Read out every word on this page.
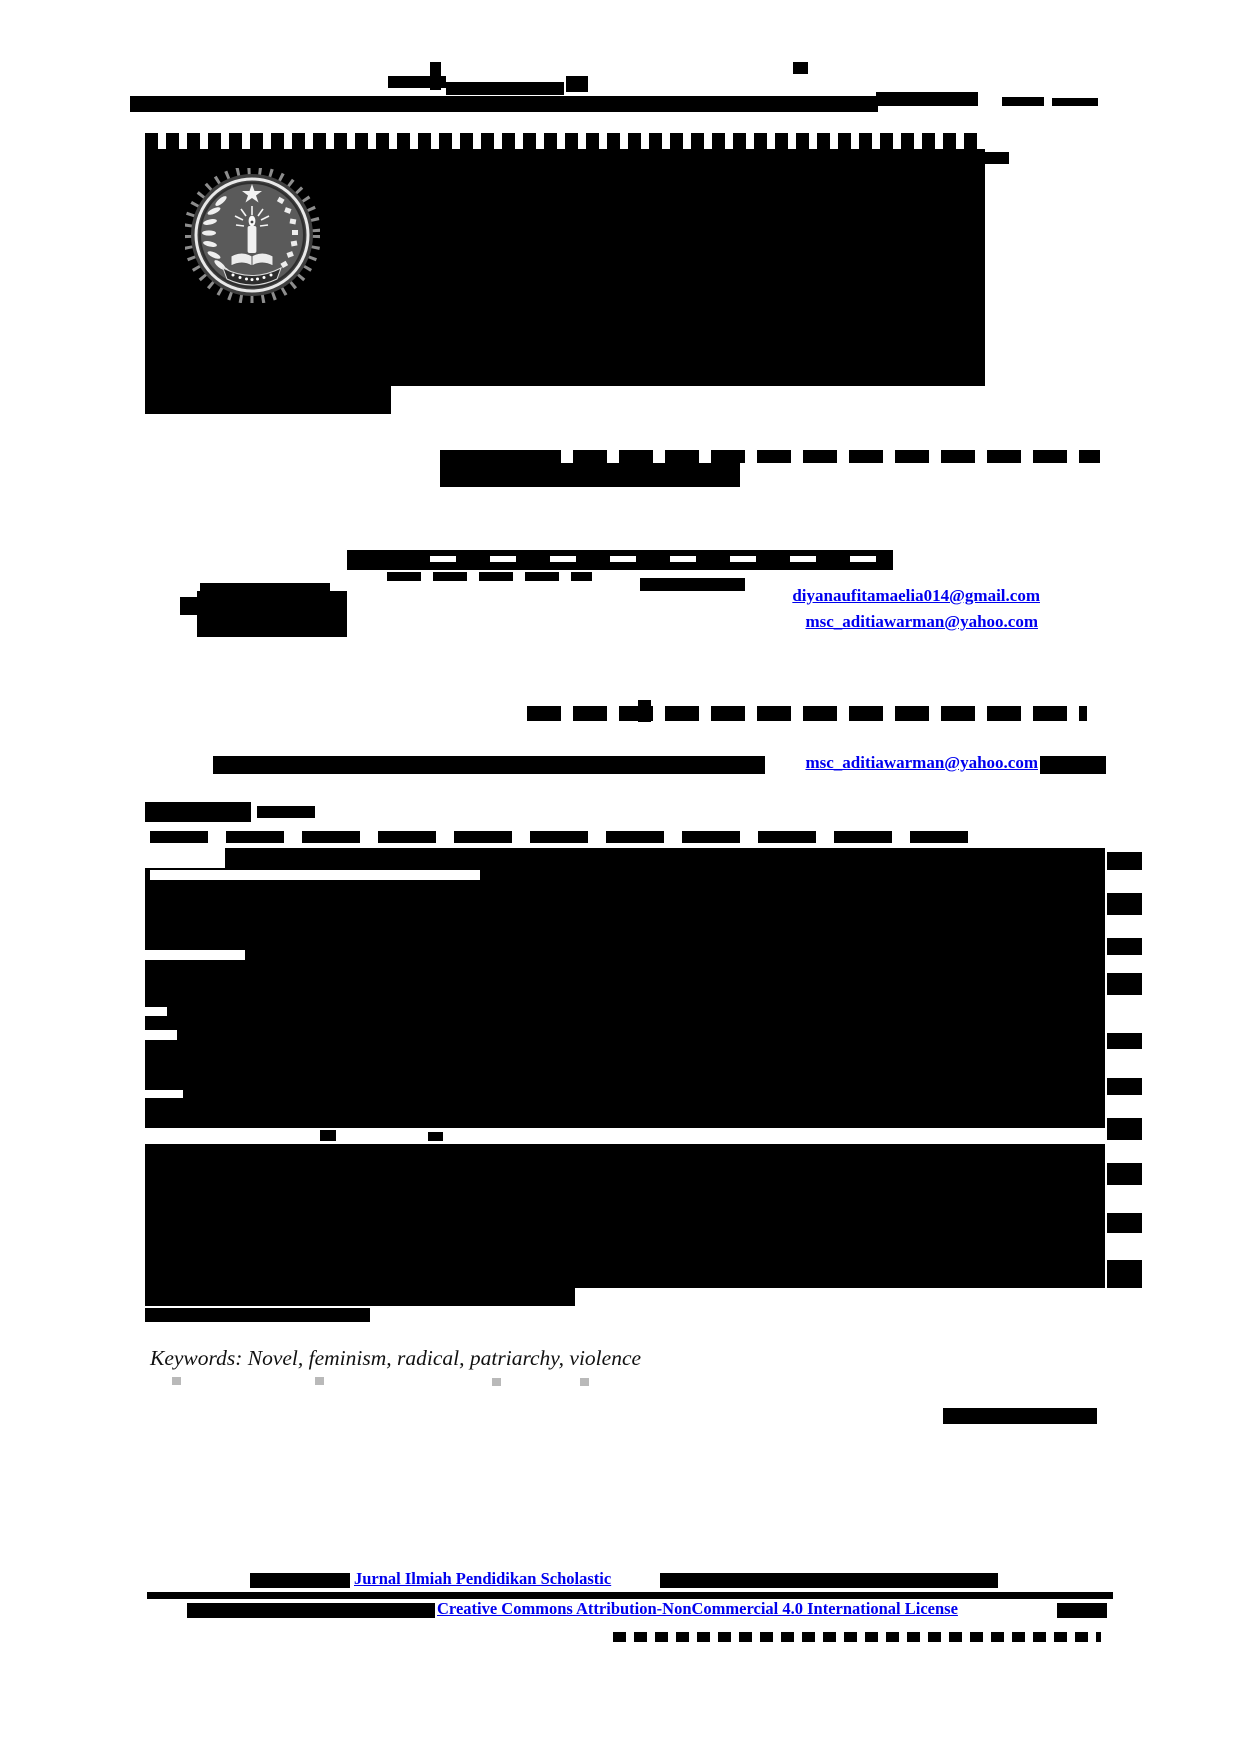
diyanaufitamaelia014@gmail.com
msc_aditiawarman@yahoo.com
msc_aditiawarman@yahoo.com
Keywords: Novel, feminism, radical, patriarchy, violence
Jurnal Ilmiah Pendidikan Scholastic
Creative Commons Attribution-NonCommercial 4.0 International License
